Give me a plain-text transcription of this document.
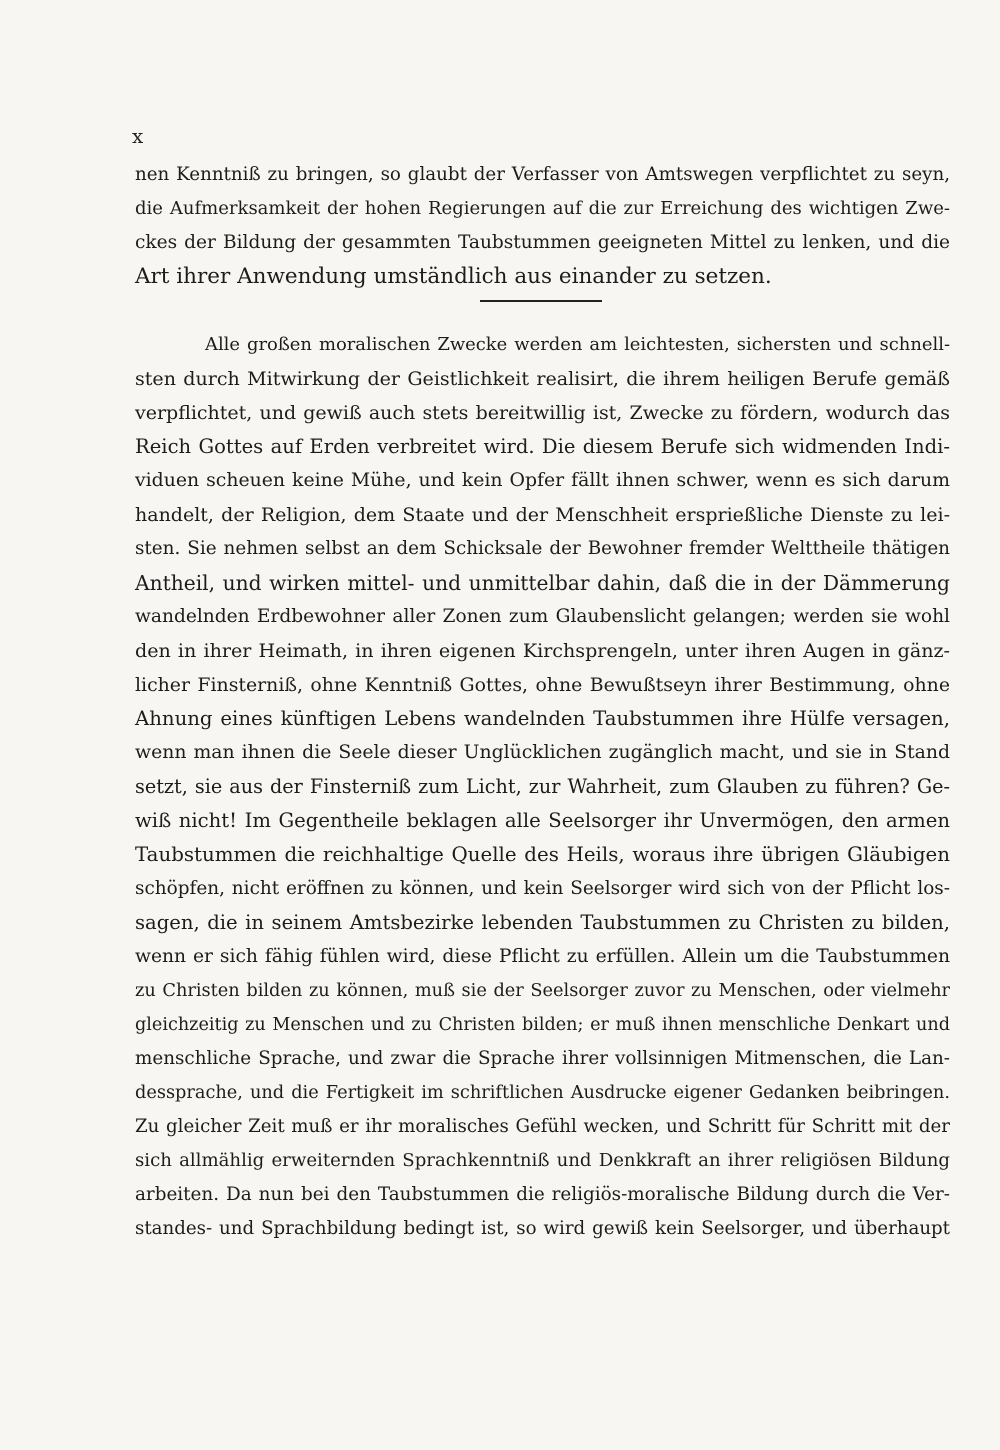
x
nen Kenntniß zu bringen, so glaubt der Verfasser von Amtswegen verpflichtet zu seyn,
die Aufmerksamkeit der hohen Regierungen auf die zur Erreichung des wichtigen Zwe-
ckes der Bildung der gesammten Taubstummen geeigneten Mittel zu lenken, und die
Art ihrer Anwendung umständlich aus einander zu setzen.
Alle großen moralischen Zwecke werden am leichtesten, sichersten und schnell-
sten durch Mitwirkung der Geistlichkeit realisirt, die ihrem heiligen Berufe gemäß
verpflichtet, und gewiß auch stets bereitwillig ist, Zwecke zu fördern, wodurch das
Reich Gottes auf Erden verbreitet wird. Die diesem Berufe sich widmenden Indi-
viduen scheuen keine Mühe, und kein Opfer fällt ihnen schwer, wenn es sich darum
handelt, der Religion, dem Staate und der Menschheit ersprießliche Dienste zu lei-
sten. Sie nehmen selbst an dem Schicksale der Bewohner fremder Welttheile thätigen
Antheil, und wirken mittel- und unmittelbar dahin, daß die in der Dämmerung
wandelnden Erdbewohner aller Zonen zum Glaubenslicht gelangen; werden sie wohl
den in ihrer Heimath, in ihren eigenen Kirchsprengeln, unter ihren Augen in gänz-
licher Finsterniß, ohne Kenntniß Gottes, ohne Bewußtseyn ihrer Bestimmung, ohne
Ahnung eines künftigen Lebens wandelnden Taubstummen ihre Hülfe versagen,
wenn man ihnen die Seele dieser Unglücklichen zugänglich macht, und sie in Stand
setzt, sie aus der Finsterniß zum Licht, zur Wahrheit, zum Glauben zu führen? Ge-
wiß nicht! Im Gegentheile beklagen alle Seelsorger ihr Unvermögen, den armen
Taubstummen die reichhaltige Quelle des Heils, woraus ihre übrigen Gläubigen
schöpfen, nicht eröffnen zu können, und kein Seelsorger wird sich von der Pflicht los-
sagen, die in seinem Amtsbezirke lebenden Taubstummen zu Christen zu bilden,
wenn er sich fähig fühlen wird, diese Pflicht zu erfüllen. Allein um die Taubstummen
zu Christen bilden zu können, muß sie der Seelsorger zuvor zu Menschen, oder vielmehr
gleichzeitig zu Menschen und zu Christen bilden; er muß ihnen menschliche Denkart und
menschliche Sprache, und zwar die Sprache ihrer vollsinnigen Mitmenschen, die Lan-
dessprache, und die Fertigkeit im schriftlichen Ausdrucke eigener Gedanken beibringen.
Zu gleicher Zeit muß er ihr moralisches Gefühl wecken, und Schritt für Schritt mit der
sich allmählig erweiternden Sprachkenntniß und Denkkraft an ihrer religiösen Bildung
arbeiten. Da nun bei den Taubstummen die religiös-moralische Bildung durch die Ver-
standes- und Sprachbildung bedingt ist, so wird gewiß kein Seelsorger, und überhaupt
